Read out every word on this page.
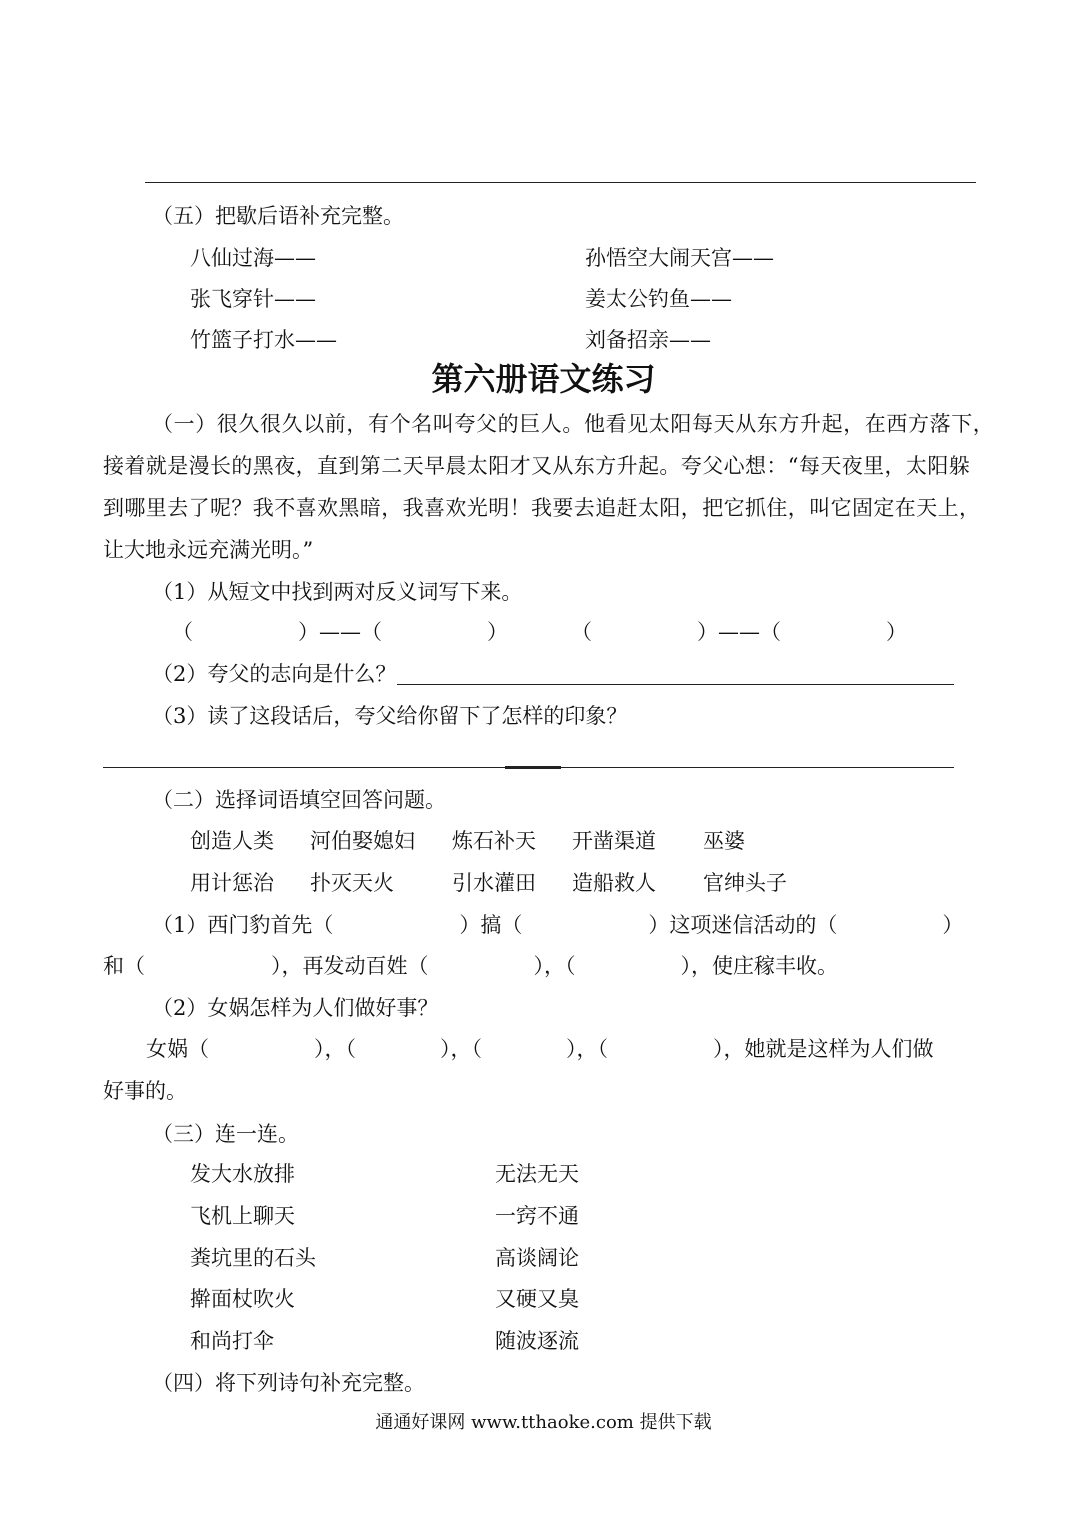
（五）把歇后语补充完整。
八仙过海——	孙悟空大闹天宫——
张飞穿针——	姜太公钓鱼——
竹篮子打水——	刘备招亲——
第六册语文练习
（一）很久很久以前，有个名叫夸父的巨人。他看见太阳每天从东方升起，在西方落下，
接着就是漫长的黑夜，直到第二天早晨太阳才又从东方升起。夸父心想：“每天夜里，太阳躲
到哪里去了呢？我不喜欢黑暗，我喜欢光明！我要去追赶太阳，把它抓住，叫它固定在天上，
让大地永远充满光明。”
（1）从短文中找到两对反义词写下来。
（　　　　　）——（　　　　　）　　　　（　　　　　）——（　　　　　）
（2）夸父的志向是什么？
（3）读了这段话后，夸父给你留下了怎样的印象？
（二）选择词语填空回答问题。
创造人类 河伯娶媳妇 炼石补天 开凿渠道 巫婆
用计惩治 扑灭天火	引水灌田 造船救人 官绅头子
（1）西门豹首先（　　　　　　）搞（　　　　　　）这项迷信活动的（　　　　　）
和（　　　　　　），再发动百姓（　　　　　），（　　　　　），使庄稼丰收。
（2）女娲怎样为人们做好事？
女娲（　　　　　），（　　　　），（　　　　），（　　　　　），她就是这样为人们做
好事的。
（三）连一连。
发大水放排	无法无天
飞机上聊天	一窍不通
粪坑里的石头	高谈阔论
擀面杖吹火	又硬又臭
和尚打伞	随波逐流
（四）将下列诗句补充完整。
通通好课网 www.tthaoke.com 提供下载
